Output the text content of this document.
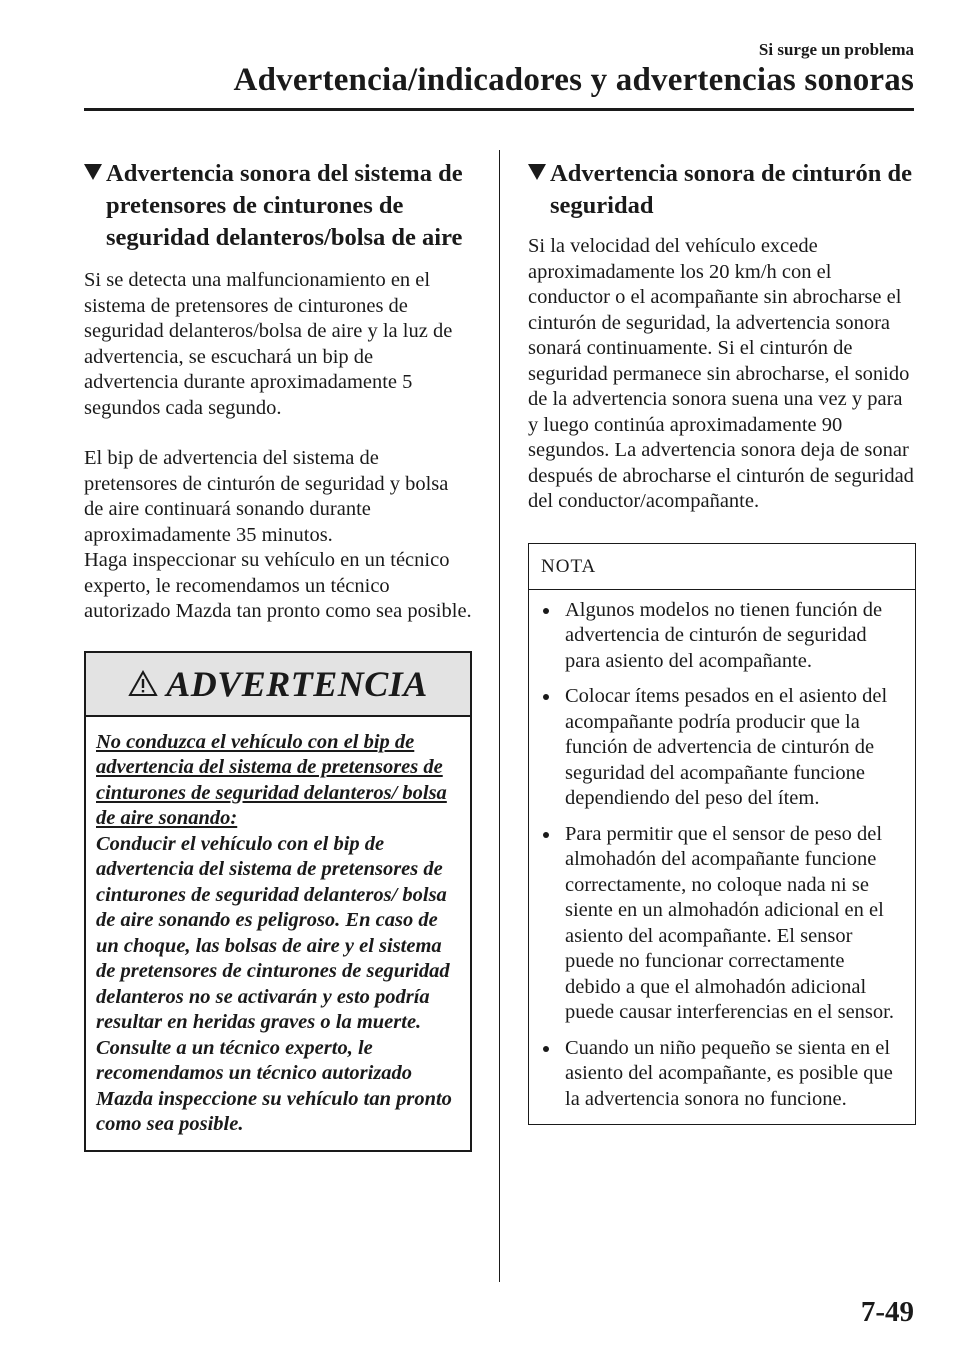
Si surge un problema
Advertencia/indicadores y advertencias sonoras
Advertencia sonora del sistema de pretensores de cinturones de seguridad delanteros/bolsa de aire

Si se detecta una malfuncionamiento en el sistema de pretensores de cinturones de seguridad delanteros/bolsa de aire y la luz de advertencia, se escuchará un bip de advertencia durante aproximadamente 5 segundos cada segundo.

El bip de advertencia del sistema de pretensores de cinturón de seguridad y bolsa de aire continuará sonando durante aproximadamente 35 minutos.

Haga inspeccionar su vehículo en un técnico experto, le recomendamos un técnico autorizado Mazda tan pronto como sea posible.

ADVERTENCIA
No conduzca el vehículo con el bip de advertencia del sistema de pretensores de cinturones de seguridad delanteros/ bolsa de aire sonando:
Conducir el vehículo con el bip de advertencia del sistema de pretensores de cinturones de seguridad delanteros/ bolsa de aire sonando es peligroso. En caso de un choque, las bolsas de aire y el sistema de pretensores de cinturones de seguridad delanteros no se activarán y esto podría resultar en heridas graves o la muerte.
Consulte a un técnico experto, le recomendamos un técnico autorizado Mazda inspeccione su vehículo tan pronto como sea posible.
Advertencia sonora de cinturón de seguridad

Si la velocidad del vehículo excede aproximadamente los 20 km/h con el conductor o el acompañante sin abrocharse el cinturón de seguridad, la advertencia sonora sonará continuamente. Si el cinturón de seguridad permanece sin abrocharse, el sonido de la advertencia sonora suena una vez y para y luego continúa aproximadamente 90 segundos. La advertencia sonora deja de sonar después de abrocharse el cinturón de seguridad del conductor/acompañante.

NOTA
Algunos modelos no tienen función de advertencia de cinturón de seguridad para asiento del acompañante.
Colocar ítems pesados en el asiento del acompañante podría producir que la función de advertencia de cinturón de seguridad del acompañante funcione dependiendo del peso del ítem.
Para permitir que el sensor de peso del almohadón del acompañante funcione correctamente, no coloque nada ni se siente en un almohadón adicional en el asiento del acompañante. El sensor puede no funcionar correctamente debido a que el almohadón adicional puede causar interferencias en el sensor.
Cuando un niño pequeño se sienta en el asiento del acompañante, es posible que la advertencia sonora no funcione.
7-49
